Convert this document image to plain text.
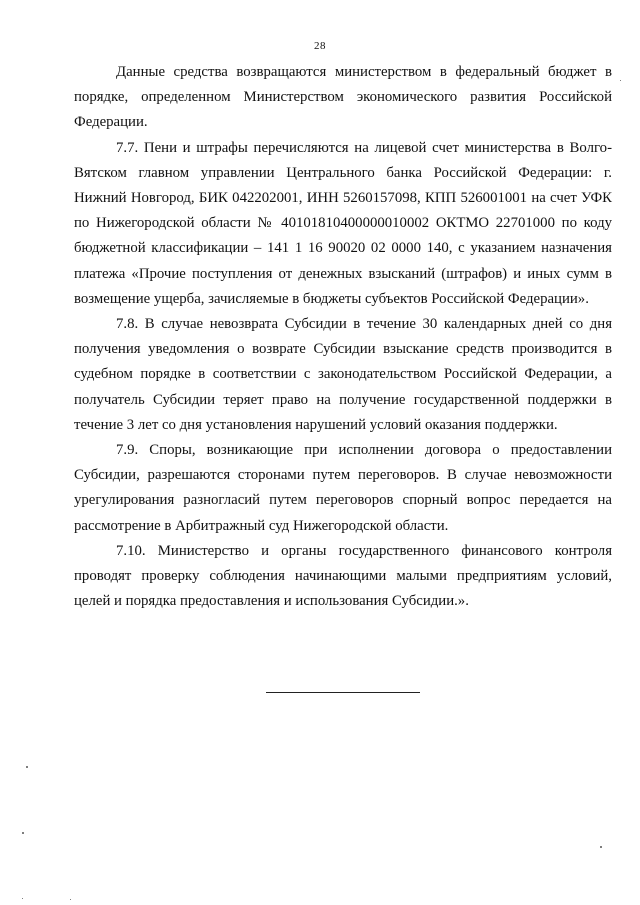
28

Данные средства возвращаются министерством в федеральный бюджет в порядке, определенном Министерством экономического развития Российской Федерации.

7.7. Пени и штрафы перечисляются на лицевой счет министерства в Волго-Вятском главном управлении Центрального банка Российской Федерации: г. Нижний Новгород, БИК 042202001, ИНН 5260157098, КПП 526001001 на счет УФК по Нижегородской области № 40101810400000010002 ОКТМО 22701000 по коду бюджетной классификации – 141 1 16 90020 02 0000 140, с указанием назначения платежа «Прочие поступления от денежных взысканий (штрафов) и иных сумм в возмещение ущерба, зачисляемые в бюджеты субъектов Российской Федерации».

7.8. В случае невозврата Субсидии в течение 30 календарных дней со дня получения уведомления о возврате Субсидии взыскание средств производится в судебном порядке в соответствии с законодательством Российской Федерации, а получатель Субсидии теряет право на получение государственной поддержки в течение 3 лет со дня установления нарушений условий оказания поддержки.

7.9. Споры, возникающие при исполнении договора о предоставлении Субсидии, разрешаются сторонами путем переговоров. В случае невозможности урегулирования разногласий путем переговоров спорный вопрос передается на рассмотрение в Арбитражный суд Нижегородской области.

7.10. Министерство и органы государственного финансового контроля проводят проверку соблюдения начинающими малыми предприятиям условий, целей и порядка предоставления и использования Субсидии.».
